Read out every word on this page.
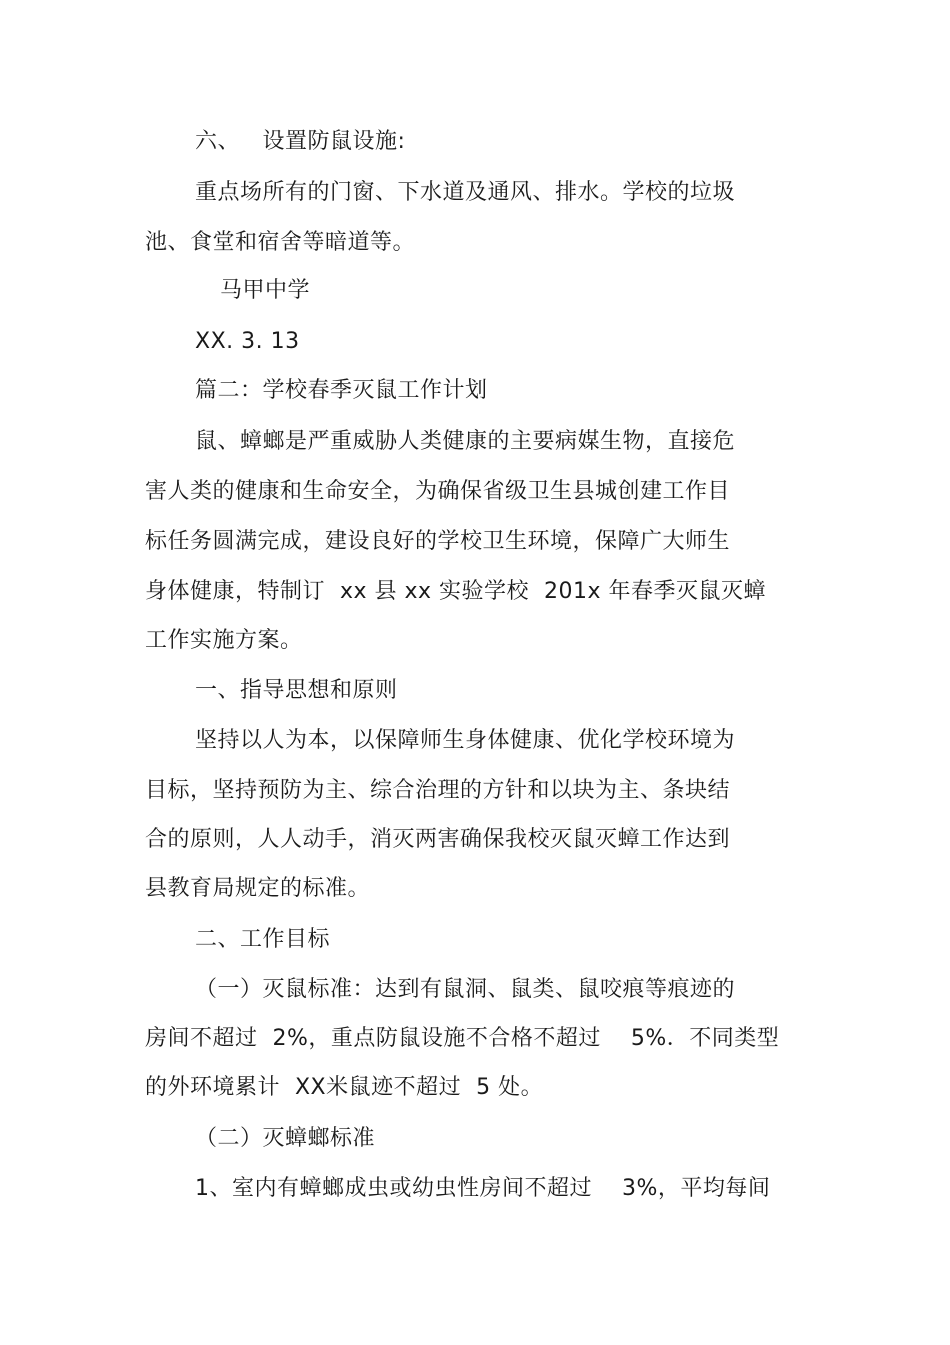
六、   设置防鼠设施:
重点场所有的门窗、下水道及通风、排水。学校的垃圾
池、食堂和宿舍等暗道等。
马甲中学
XX. 3. 13
篇二：学校春季灭鼠工作计划
鼠、蟑螂是严重威胁人类健康的主要病媒生物，直接危
害人类的健康和生命安全，为确保省级卫生县城创建工作目
标任务圆满完成，建设良好的学校卫生环境，保障广大师生
身体健康，特制订  xx 县 xx 实验学校  201x 年春季灭鼠灭蟑
工作实施方案。
一、指导思想和原则
坚持以人为本，以保障师生身体健康、优化学校环境为
目标，坚持预防为主、综合治理的方针和以块为主、条块结
合的原则，人人动手，消灭两害确保我校灭鼠灭蟑工作达到
县教育局规定的标准。
二、工作目标
（一）灭鼠标准：达到有鼠洞、鼠类、鼠咬痕等痕迹的
房间不超过  2%，重点防鼠设施不合格不超过    5%．不同类型
的外环境累计  XX米鼠迹不超过  5 处。
（二）灭蟑螂标准
1、室内有蟑螂成虫或幼虫性房间不超过    3%，平均每间
